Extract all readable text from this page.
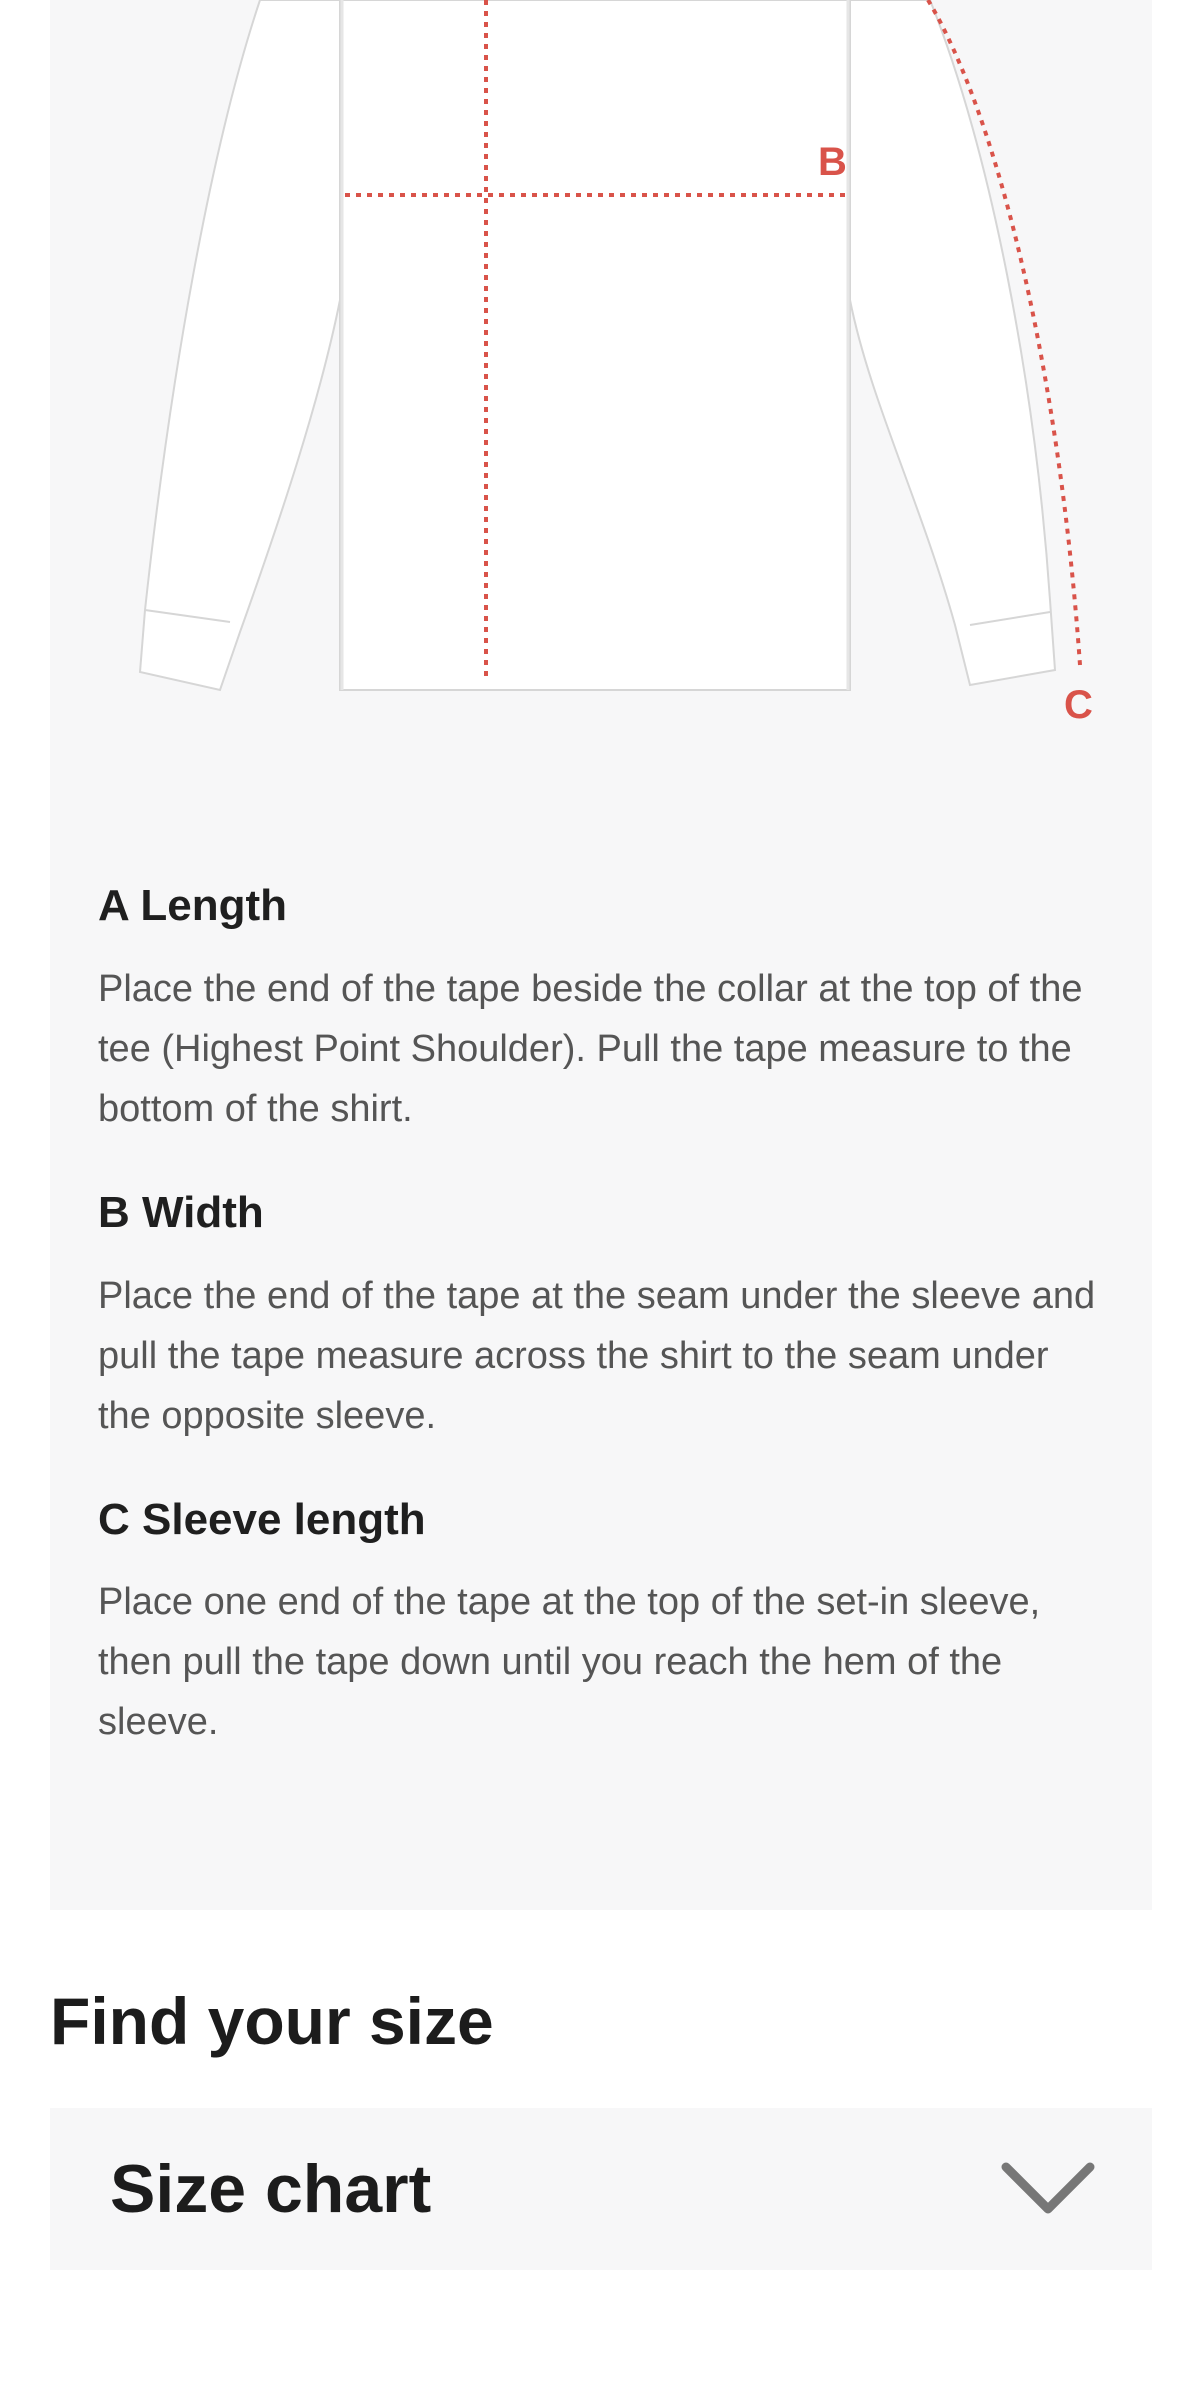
B
C
A Length

Place the end of the tape beside the collar at the top of the tee (Highest Point Shoulder). Pull the tape measure to the bottom of the shirt.

B Width

Place the end of the tape at the seam under the sleeve and pull the tape measure across the shirt to the seam under the opposite sleeve.

C Sleeve length

Place one end of the tape at the top of the set-in sleeve, then pull the tape down until you reach the hem of the sleeve.

Find your size
Size chart
